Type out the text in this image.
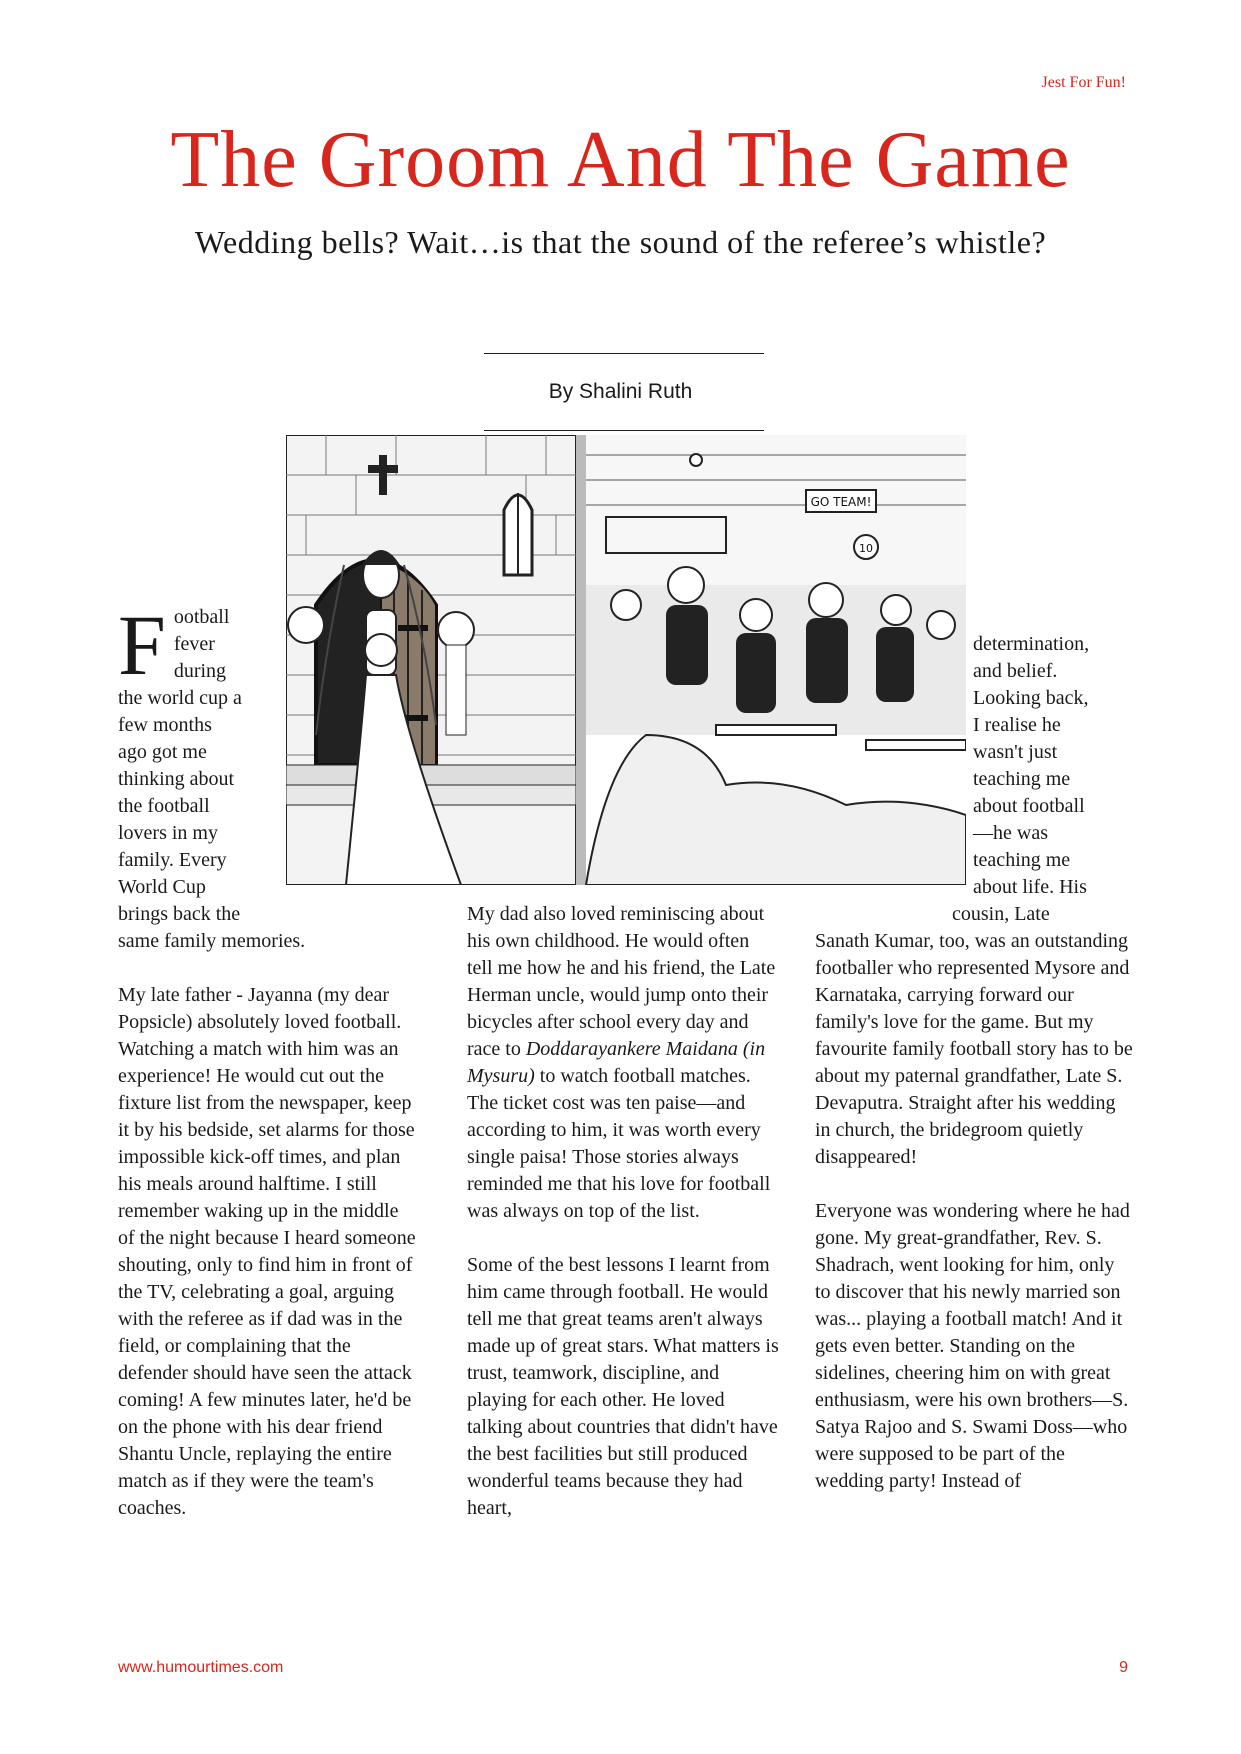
Jest For Fun!
The Groom And The Game
Wedding bells? Wait…is that the sound of the referee’s whistle?
By Shalini Ruth
GO TEAM!
10

F ootball
fever
during
the world cup a
few months
ago got me
thinking about
the football
lovers in my
family. Every
World Cup
brings back the
same family memories.

My late father - Jayanna (my dear Popsicle) absolutely loved football. Watching a match with him was an experience! He would cut out the fixture list from the newspaper, keep it by his bedside, set alarms for those impossible kick-off times, and plan his meals around halftime. I still remember waking up in the middle of the night because I heard someone shouting, only to find him in front of the TV, celebrating a goal, arguing with the referee as if dad was in the field, or complaining that the defender should have seen the attack coming! A few minutes later, he'd be on the phone with his dear friend Shantu Uncle, replaying the entire match as if they were the team's coaches.

My dad also loved reminiscing about his own childhood. He would often tell me how he and his friend, the Late Herman uncle, would jump onto their bicycles after school every day and race to Doddarayankere Maidana (in Mysuru) to watch football matches. The ticket cost was ten paise—and according to him, it was worth every single paisa! Those stories always reminded me that his love for football was always on top of the list.

Some of the best lessons I learnt from him came through football. He would tell me that great teams aren't always made up of great stars. What matters is trust, teamwork, discipline, and playing for each other. He loved talking about countries that didn't have the best facilities but still produced wonderful teams because they had heart,

determination,
and belief.
Looking back,
I realise he
wasn't just
teaching me
about football
—he was
teaching me
about life. His
cousin, Late

Sanath Kumar, too, was an outstanding footballer who represented Mysore and Karnataka, carrying forward our family's love for the game. But my favourite family football story has to be about my paternal grandfather, Late S. Devaputra. Straight after his wedding in church, the bridegroom quietly disappeared!

Everyone was wondering where he had gone. My great-grandfather, Rev. S. Shadrach, went looking for him, only to discover that his newly married son was... playing a football match! And it gets even better. Standing on the sidelines, cheering him on with great enthusiasm, were his own brothers—S. Satya Rajoo and S. Swami Doss—who were supposed to be part of the wedding party! Instead of

www.humourtimes.com	9
